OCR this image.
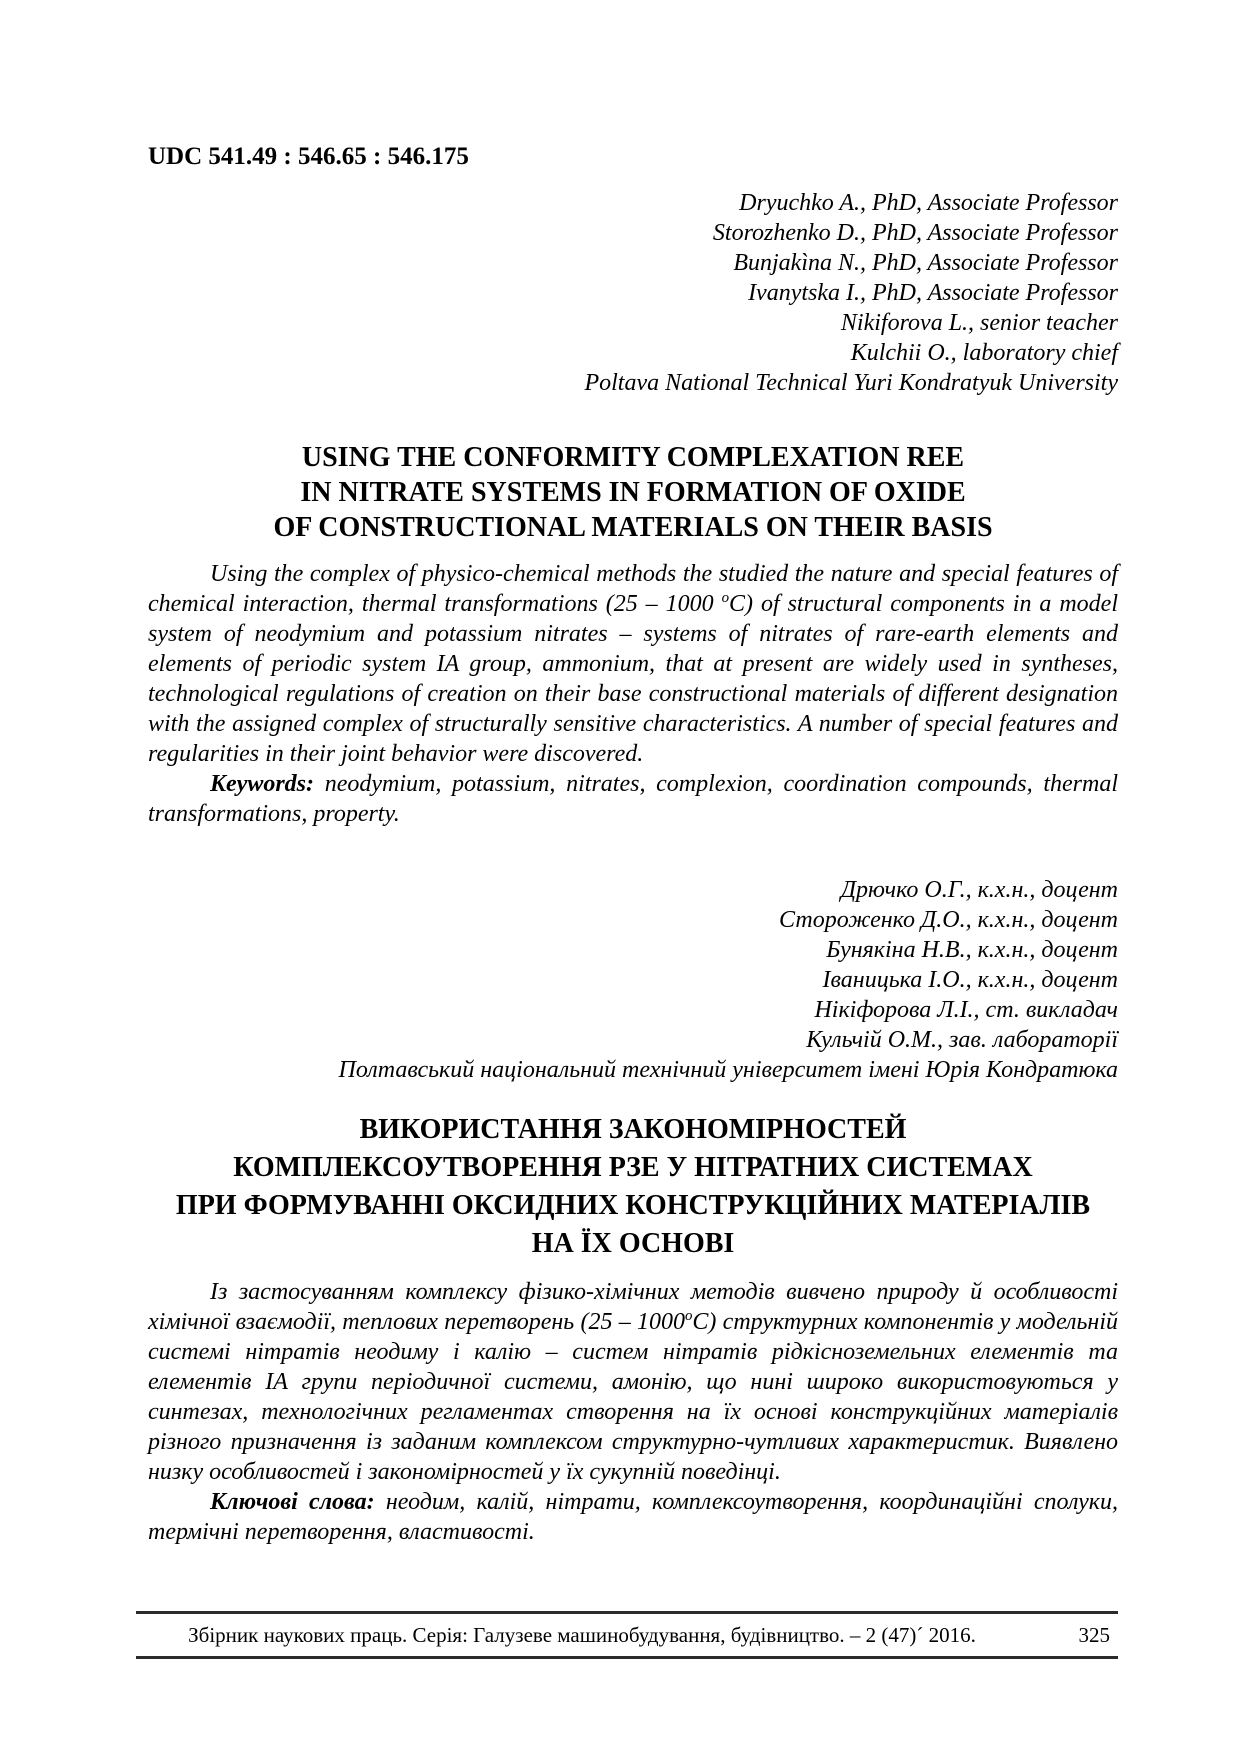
UDC 541.49 : 546.65 : 546.175
Dryuchko A., PhD, Associate Professor
Storozhenko D., PhD, Associate Professor
Bunjakìna N., PhD, Associate Professor
Ivanytska I., PhD, Associate Professor
Nikiforova L., senior teacher
Kulchii O., laboratory chief
Poltava National Technical Yuri Kondratyuk University
USING THE CONFORMITY COMPLEXATION REE
IN NITRATE SYSTEMS IN FORMATION OF OXIDE
OF CONSTRUCTIONAL MATERIALS ON THEIR BASIS

Using the complex of physico-chemical methods the studied the nature and special features of chemical interaction, thermal transformations (25 – 1000 $^o$C) of structural components in a model system of neodymium and potassium nitrates – systems of nitrates of rare-earth elements and elements of periodic system IA group, ammonium, that at present are widely used in syntheses, technological regulations of creation on their base constructional materials of different designation with the assigned complex of structurally sensitive characteristics. A number of special features and regularities in their joint behavior were discovered.

Keywords: neodymium, potassium, nitrates, complexion, coordination compounds, thermal transformations, property.

Дрючко О.Г., к.х.н., доцент
Стороженко Д.О., к.х.н., доцент
Бунякіна Н.В., к.х.н., доцент
Іваницька І.О., к.х.н., доцент
Нікіфорова Л.І., ст. викладач
Кульчій О.М., зав. лабораторії
Полтавський національний технічний університет імені Юрія Кондратюка
ВИКОРИСТАННЯ ЗАКОНОМІРНОСТЕЙ
КОМПЛЕКСОУТВОРЕННЯ РЗЕ У НІТРАТНИХ СИСТЕМАХ
ПРИ ФОРМУВАННІ ОКСИДНИХ КОНСТРУКЦІЙНИХ МАТЕРІАЛІВ
НА ЇХ ОСНОВІ

Із застосуванням комплексу фізико-хімічних методів вивчено природу й особливості хімічної взаємодії, теплових перетворень $(25 - 1000^оС)$ структурних компонентів у модельній системі нітратів неодиму і калію – систем нітратів рідкісноземельних елементів та елементів ІА групи періодичної системи, амонію, що нині широко використовуються у синтезах, технологічних регламентах створення на їх основі конструкційних матеріалів різного призначення із заданим комплексом структурно-чутливих характеристик. Виявлено низку особливостей і закономірностей у їх сукупній поведінці.

Ключові слова: неодим, калій, нітрати, комплексоутворення, координаційні сполуки, термічні перетворення, властивості.

Збірник наукових праць. Серія: Галузеве машинобудування, будівництво. – 2 (47)´ 2016.	325
